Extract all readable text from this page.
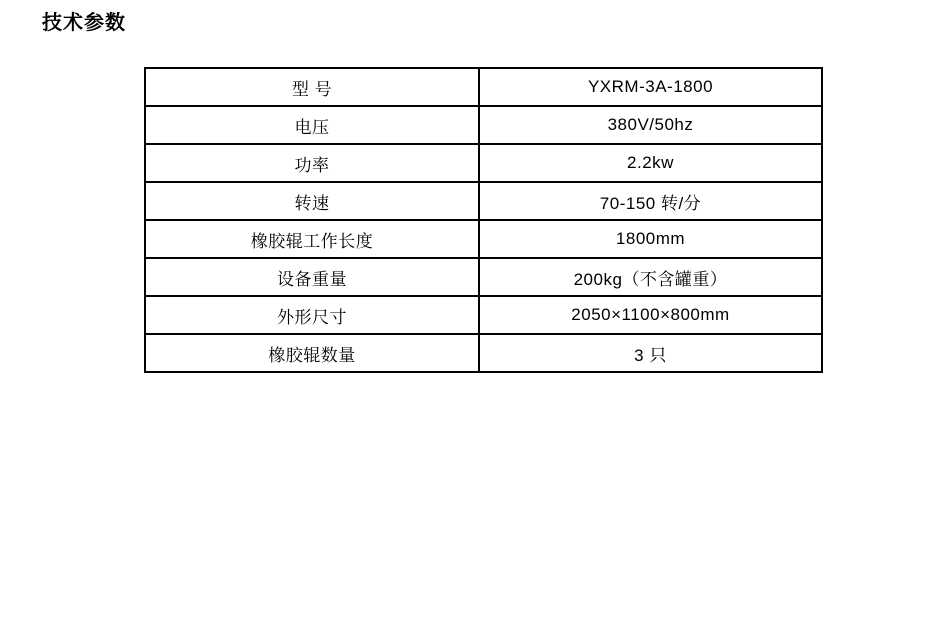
技术参数
型 号	YXRM-3A-1800
电压	380V/50hz
功率	2.2kw
转速	70-150 转/分
橡胶辊工作长度	1800mm
设备重量	200kg（不含罐重）
外形尺寸	2050×1100×800mm
橡胶辊数量	3 只
